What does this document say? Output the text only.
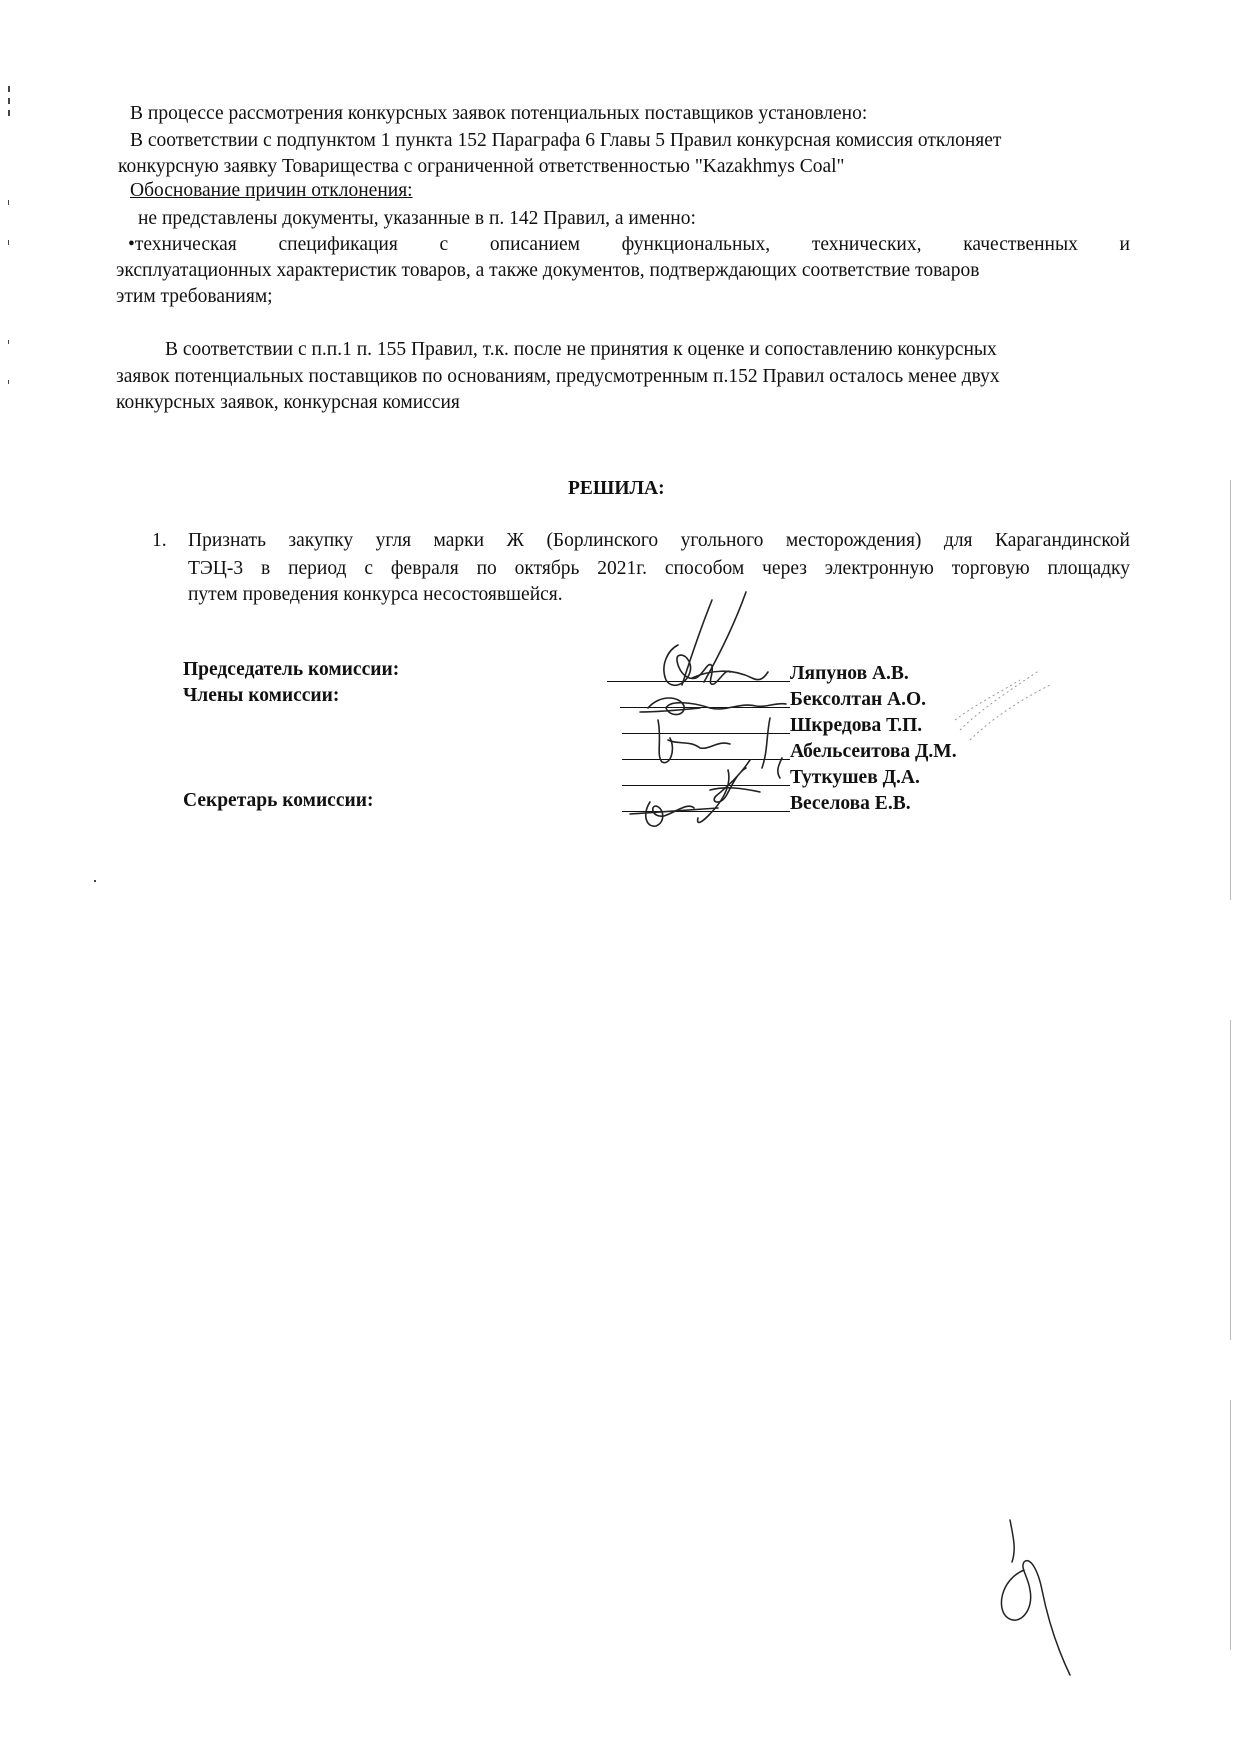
В процессе рассмотрения конкурсных заявок потенциальных поставщиков установлено:
В соответствии с подпунктом 1 пункта 152 Параграфа 6 Главы 5 Правил конкурсная комиссия отклоняет
конкурсную заявку Товарищества с ограниченной ответственностью "Kazakhmys Coal"
Обоснование причин отклонения:
не представлены документы, указанные в п. 142 Правил, а именно:
•техническая спецификация с описанием функциональных, технических, качественных и
эксплуатационных характеристик товаров, а также документов, подтверждающих соответствие товаров
этим требованиям;
В соответствии с п.п.1 п. 155 Правил, т.к. после не принятия к оценке и сопоставлению конкурсных
заявок потенциальных поставщиков по основаниям, предусмотренным п.152 Правил осталось менее двух
конкурсных заявок, конкурсная комиссия
РЕШИЛА:
1. Признать закупку угля марки Ж (Борлинского угольного месторождения) для Карагандинской
ТЭЦ-3 в период с февраля по октябрь 2021г. способом через электронную торговую площадку
путем проведения конкурса несостоявшейся.
Председатель комиссии:
Члены комиссии:
Секретарь комиссии:
Ляпунов А.В.
Бексолтан А.О.
Шкредова Т.П.
Абельсеитова Д.М.
Туткушев Д.А.
Веселова Е.В.
